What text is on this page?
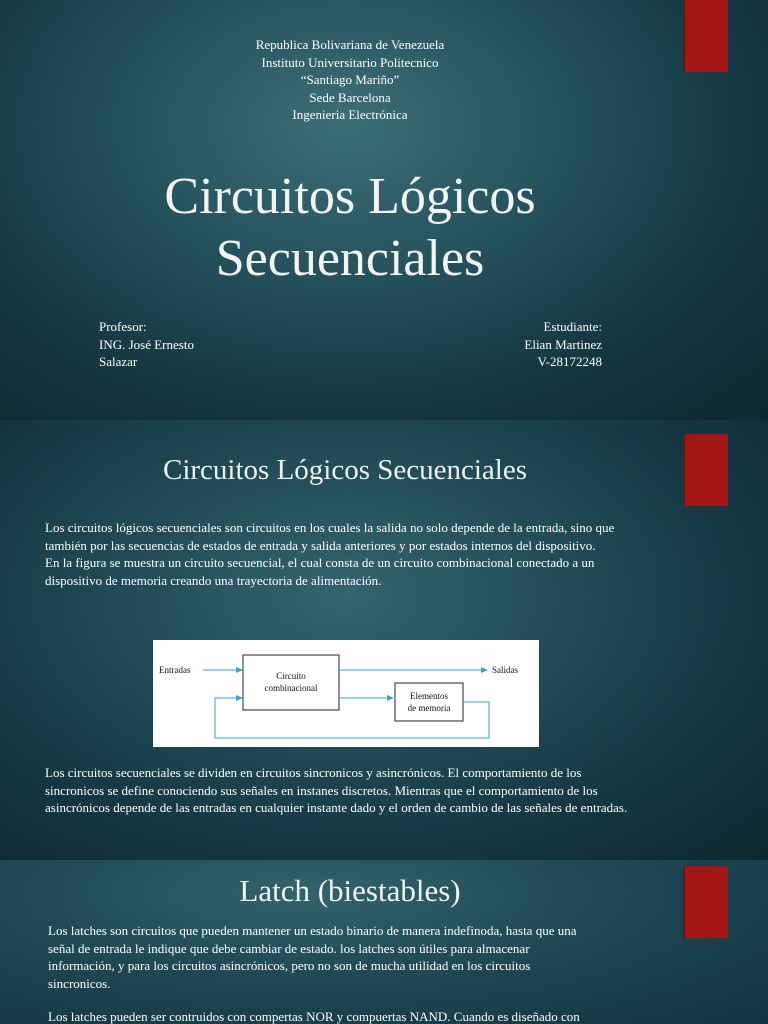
Republica Bolivariana de Venezuela
Instituto Universitario Politecnico
“Santiago Mariño”
Sede Barcelona
Ingenieria Electrónica
Circuitos Lógicos
Secuenciales
Profesor:
ING. José Ernesto
Salazar
Estudiante:
Elian Martinez
V-28172248
Circuitos Lógicos Secuenciales
Los circuitos lógicos secuenciales son circuitos en los cuales la salida no solo depende de la entrada, sino que
también por las secuencias de estados de entrada y salida anteriores y por estados internos del dispositivo.
En la figura se muestra un circuito secuencial, el cual consta de un circuito combinacional conectado a un
dispositivo de memoria creando una trayectoria de alimentación.
Entradas
Circuito
combinacional
Salidas
Elementos
de memoria
Los circuitos secuenciales se dividen en circuitos sincronicos y asincrónicos. El comportamiento de los
sincronicos se define conociendo sus señales en instanes discretos. Mientras que el comportamiento de los
asincrónicos depende de las entradas en cualquier instante dado y el orden de cambio de las señales de entradas.
Latch (biestables)
Los latches son circuitos que pueden mantener un estado binario de manera indefinoda, hasta que una
señal de entrada le indique que debe cambiar de estado. los latches son útiles para almacenar
información, y para los circuitos asincrónicos, pero no son de mucha utilidad en los circuitos
sincronicos.
Los latches pueden ser contruidos con compertas NOR y compuertas NAND. Cuando es diseñado con
